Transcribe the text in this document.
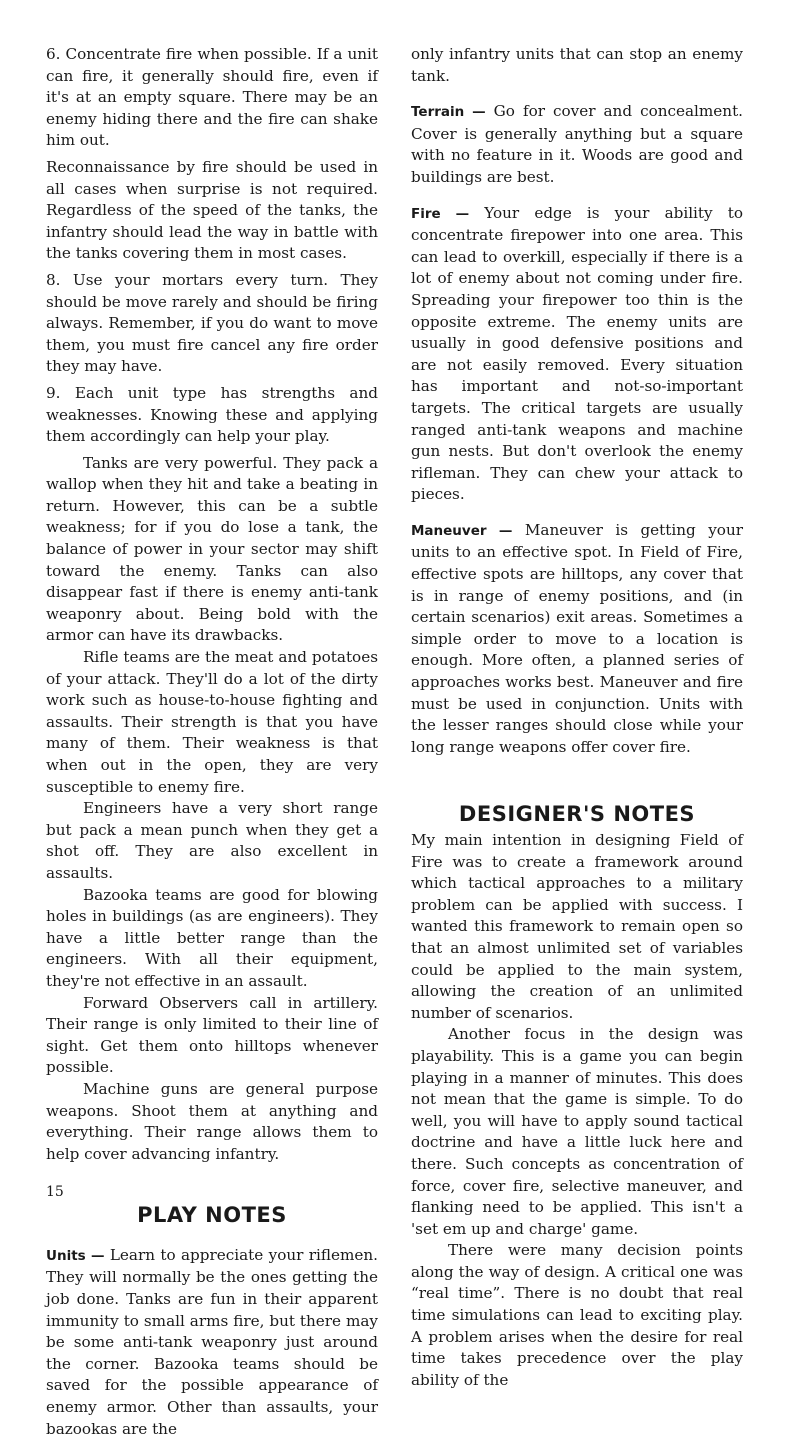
6. Concentrate fire when possible. If a unit can fire, it generally should fire, even if it's at an empty square. There may be an enemy hiding there and the fire can shake him out.

Reconnaissance by fire should be used in all cases when surprise is not required. Regardless of the speed of the tanks, the infantry should lead the way in battle with the tanks covering them in most cases.

8. Use your mortars every turn. They should be move rarely and should be firing always. Remember, if you do want to move them, you must fire cancel any fire order they may have.

9. Each unit type has strengths and weaknesses. Knowing these and applying them accordingly can help your play.

Tanks are very powerful. They pack a wallop when they hit and take a beating in return. However, this can be a subtle weakness; for if you do lose a tank, the balance of power in your sector may shift toward the enemy. Tanks can also disappear fast if there is enemy anti-tank weaponry about. Being bold with the armor can have its drawbacks.

Rifle teams are the meat and potatoes of your attack. They'll do a lot of the dirty work such as house-to-house fighting and assaults. Their strength is that you have many of them. Their weakness is that when out in the open, they are very susceptible to enemy fire.

Engineers have a very short range but pack a mean punch when they get a shot off. They are also excellent in assaults.

Bazooka teams are good for blowing holes in buildings (as are engineers). They have a little better range than the engineers. With all their equipment, they're not effective in an assault.

Forward Observers call in artillery. Their range is only limited to their line of sight. Get them onto hilltops whenever possible.

Machine guns are general purpose weapons. Shoot them at anything and everything. Their range allows them to help cover advancing infantry.

PLAY NOTES

Units — Learn to appreciate your riflemen. They will normally be the ones getting the job done. Tanks are fun in their apparent immunity to small arms fire, but there may be some anti-tank weaponry just around the corner. Bazooka teams should be saved for the possible appearance of enemy armor. Other than assaults, your bazookas are the

only infantry units that can stop an enemy tank.

Terrain — Go for cover and concealment. Cover is generally anything but a square with no feature in it. Woods are good and buildings are best.

Fire — Your edge is your ability to concentrate firepower into one area. This can lead to overkill, especially if there is a lot of enemy about not coming under fire. Spreading your firepower too thin is the opposite extreme. The enemy units are usually in good defensive positions and are not easily removed. Every situation has important and not-so-important targets. The critical targets are usually ranged anti-tank weapons and machine gun nests. But don't overlook the enemy rifleman. They can chew your attack to pieces.

Maneuver — Maneuver is getting your units to an effective spot. In Field of Fire, effective spots are hilltops, any cover that is in range of enemy positions, and (in certain scenarios) exit areas. Sometimes a simple order to move to a location is enough. More often, a planned series of approaches works best. Maneuver and fire must be used in conjunction. Units with the lesser ranges should close while your long range weapons offer cover fire.

DESIGNER'S NOTES

My main intention in designing Field of Fire was to create a framework around which tactical approaches to a military problem can be applied with success. I wanted this framework to remain open so that an almost unlimited set of variables could be applied to the main system, allowing the creation of an unlimited number of scenarios.

Another focus in the design was playability. This is a game you can begin playing in a manner of minutes. This does not mean that the game is simple. To do well, you will have to apply sound tactical doctrine and have a little luck here and there. Such concepts as concentration of force, cover fire, selective maneuver, and flanking need to be applied. This isn't a 'set em up and charge' game.

There were many decision points along the way of design. A critical one was “real time”. There is no doubt that real time simulations can lead to exciting play. A problem arises when the desire for real time takes precedence over the play ability of the

15
